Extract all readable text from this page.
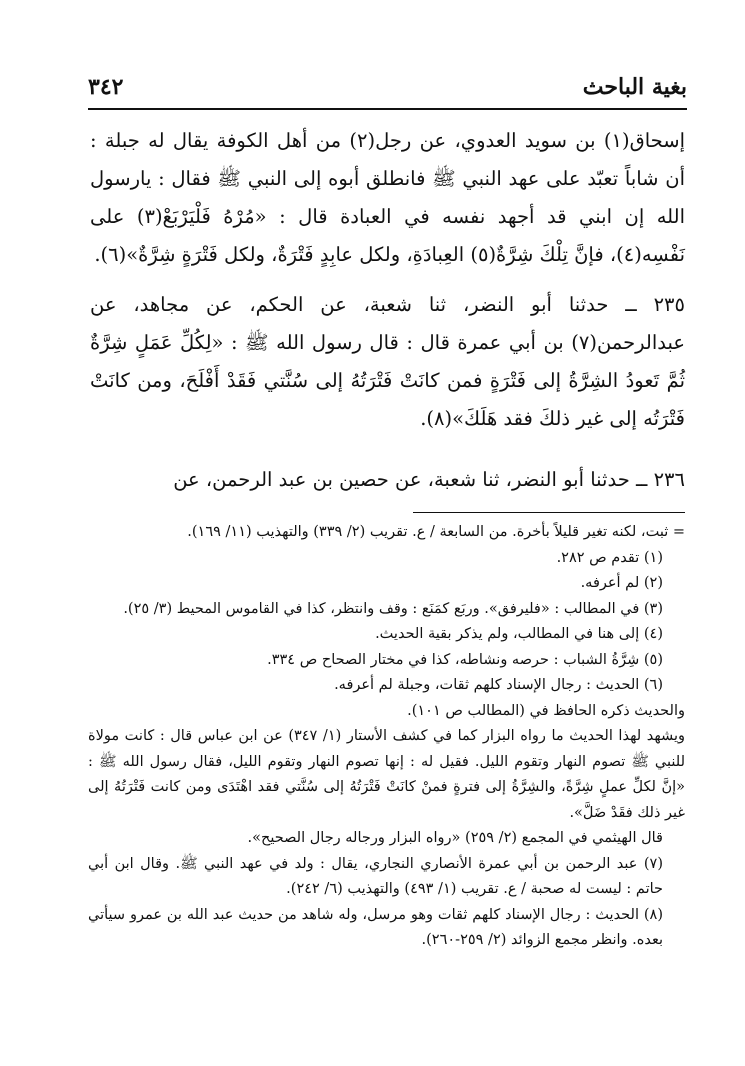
بغية الباحث
٣٤٢
إسحاق(١) بن سويد العدوي، عن رجل(٢) من أهل الكوفة يقال له جبلة : أن شاباً تعبّد على عهد النبي ﷺ فانطلق أبوه إلى النبي ﷺ فقال : يارسول الله إن ابني قد أجهد نفسه في العبادة قال : «مُرْهُ فَلْيَرْبَعْ(٣) على نَفْسِه(٤)، فإنَّ تِلْكَ شِرَّةٌ(٥) العِبادَةِ، ولكل عابِدٍ فَتْرَةٌ، ولكل فَتْرَةٍ شِرَّةٌ»(٦).
٢٣٥ ــ حدثنا أبو النضر، ثنا شعبة، عن الحكم، عن مجاهد، عن عبدالرحمن(٧) بن أبي عمرة قال : قال رسول الله ﷺ : «لِكُلِّ عَمَلٍ شِرَّةٌ ثُمَّ تَعودُ الشِرَّةُ إلى فَتْرَةٍ فمن كانَتْ فَتْرَتُهُ إلى سُنَّتي فَقَدْ أَفْلَحَ، ومن كانَتْ فَتْرَتُه إلى غير ذلكَ فقد هَلَكَ»(٨).
٢٣٦ ــ حدثنا أبو النضر، ثنا شعبة، عن حصين بن عبد الرحمن، عن

= ثبت، لكنه تغير قليلاً بأخرة. من السابعة / ع. تقريب (٢/ ٣٣٩) والتهذيب (١١/ ١٦٩).

(١) تقدم ص ٢٨٢.

(٢) لم أعرفه.

(٣) في المطالب : «فليرفق». وربَع كمَنَع : وقف وانتظر، كذا في القاموس المحيط (٣/ ٢٥).

(٤) إلى هنا في المطالب، ولم يذكر بقية الحديث.

(٥) شِرَّةُ الشباب : حرصه ونشاطه، كذا في مختار الصحاح ص ٣٣٤.

(٦) الحديث : رجال الإسناد كلهم ثقات، وجبلة لم أعرفه.

والحديث ذكره الحافظ في (المطالب ص ١٠١).

ويشهد لهذا الحديث ما رواه البزار كما في كشف الأستار (١/ ٣٤٧) عن ابن عباس قال : كانت مولاة للنبي ﷺ تصوم النهار وتقوم الليل. فقيل له : إنها تصوم النهار وتقوم الليل، فقال رسول الله ﷺ : «إنَّ لكلِّ عملٍ شِرَّةً، والشِرَّةُ إلى فترةٍ فمنْ كانَتْ فَتْرَتُهُ إلى سُنَّتي فقد اهْتَدَى ومن كانت فَتْرَتُهُ إلى غير ذلك فقَدْ ضَلَّ».

قال الهيثمي في المجمع (٢/ ٢٥٩) «رواه البزار ورجاله رجال الصحيح».

(٧) عبد الرحمن بن أبي عمرة الأنصاري النجاري، يقال : ولد في عهد النبي ﷺ. وقال ابن أبي حاتم : ليست له صحبة / ع. تقريب (١/ ٤٩٣) والتهذيب (٦/ ٢٤٢).

(٨) الحديث : رجال الإسناد كلهم ثقات وهو مرسل، وله شاهد من حديث عبد الله بن عمرو سيأتي بعده. وانظر مجمع الزوائد (٢/ ٢٥٩-٢٦٠).
